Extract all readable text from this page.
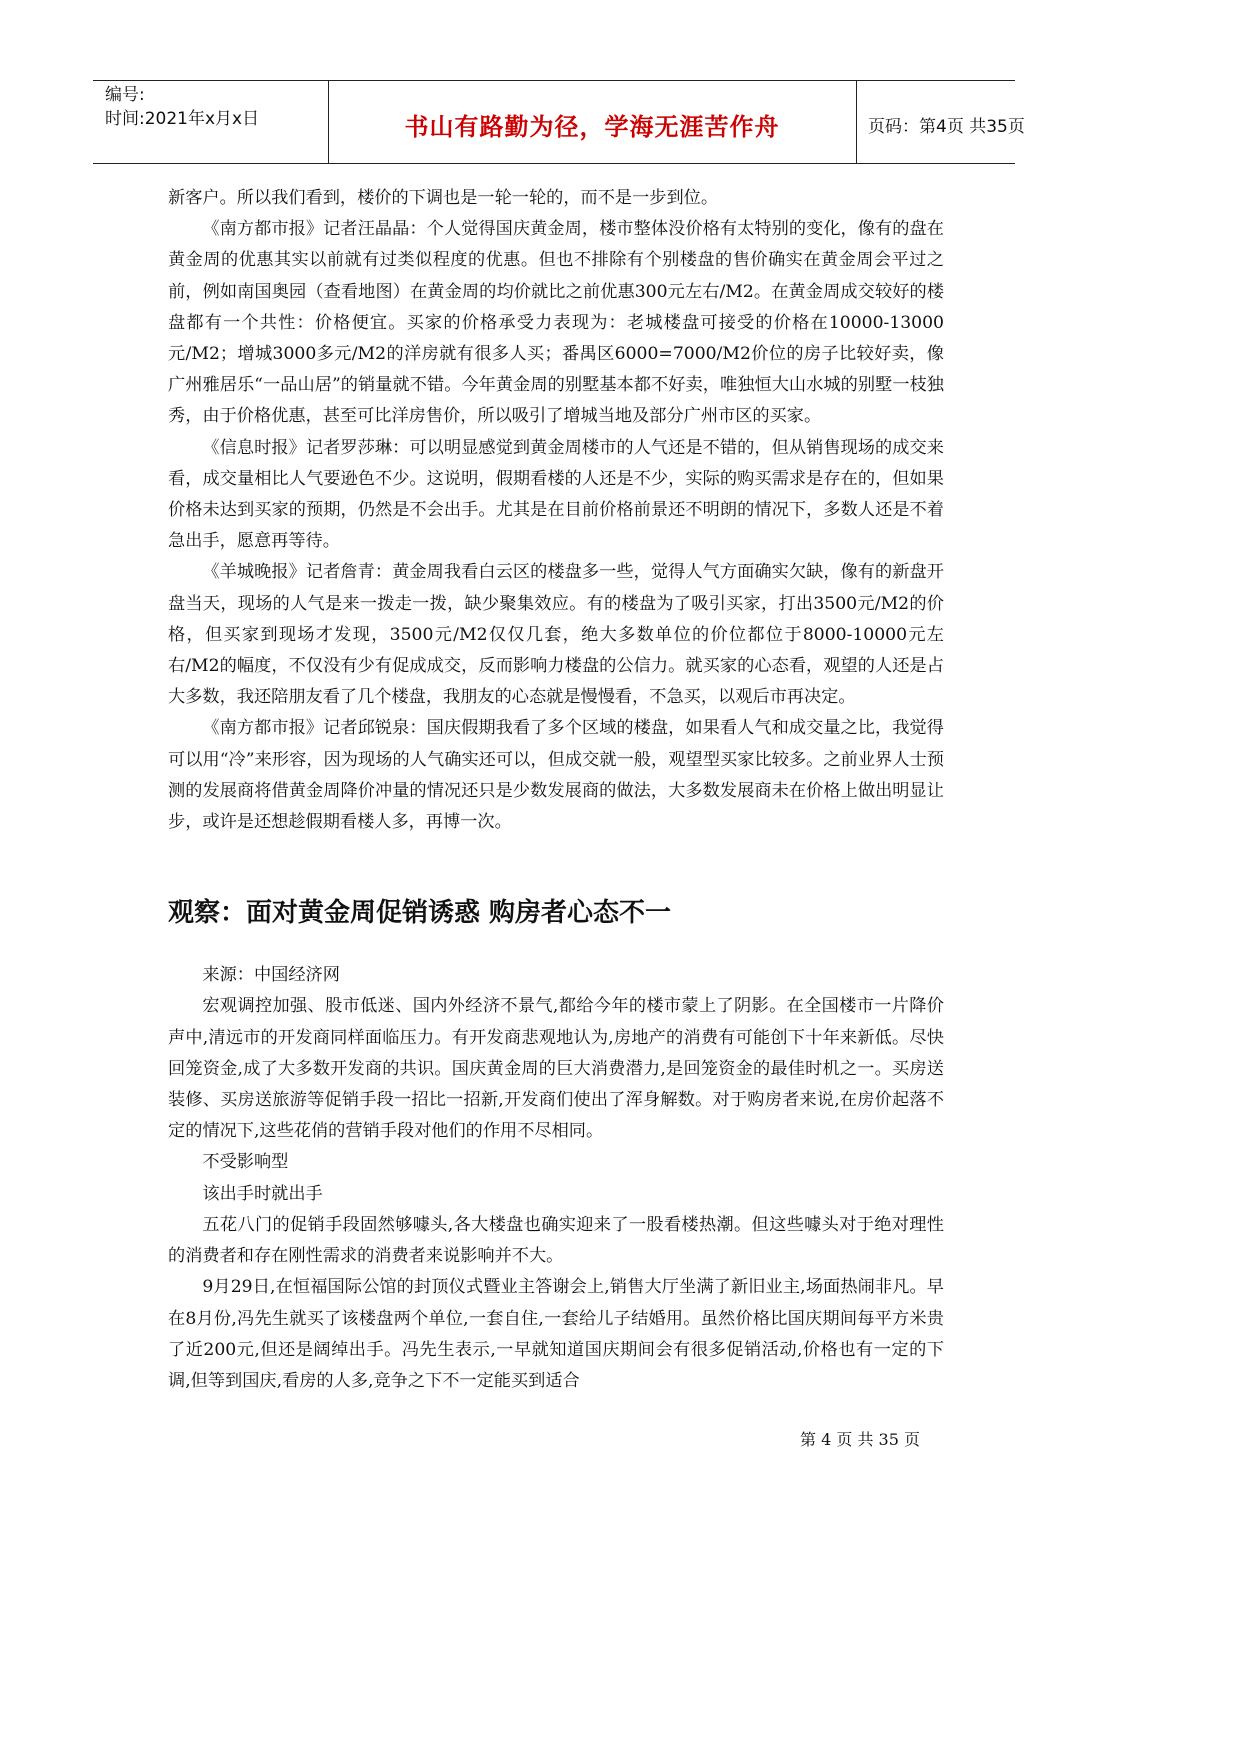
编号:
时间:2021年x月x日	书山有路勤为径，学海无涯苦作舟	页码：第4页 共35页

新客户。所以我们看到，楼价的下调也是一轮一轮的，而不是一步到位。

《南方都市报》记者汪晶晶：个人觉得国庆黄金周，楼市整体没价格有太特别的变化，像有的盘在黄金周的优惠其实以前就有过类似程度的优惠。但也不排除有个别楼盘的售价确实在黄金周会平过之前，例如南国奥园（查看地图）在黄金周的均价就比之前优惠300元左右/M2。在黄金周成交较好的楼盘都有一个共性：价格便宜。买家的价格承受力表现为：老城楼盘可接受的价格在10000-13000元/M2；增城3000多元/M2的洋房就有很多人买；番禺区6000=7000/M2价位的房子比较好卖，像广州雅居乐“一品山居”的销量就不错。今年黄金周的别墅基本都不好卖，唯独恒大山水城的别墅一枝独秀，由于价格优惠，甚至可比洋房售价，所以吸引了增城当地及部分广州市区的买家。

《信息时报》记者罗莎琳：可以明显感觉到黄金周楼市的人气还是不错的，但从销售现场的成交来看，成交量相比人气要逊色不少。这说明，假期看楼的人还是不少，实际的购买需求是存在的，但如果价格未达到买家的预期，仍然是不会出手。尤其是在目前价格前景还不明朗的情况下，多数人还是不着急出手，愿意再等待。

《羊城晚报》记者詹青：黄金周我看白云区的楼盘多一些，觉得人气方面确实欠缺，像有的新盘开盘当天，现场的人气是来一拨走一拨，缺少聚集效应。有的楼盘为了吸引买家，打出3500元/M2的价格，但买家到现场才发现，3500元/M2仅仅几套，绝大多数单位的价位都位于8000-10000元左右/M2的幅度，不仅没有少有促成成交，反而影响力楼盘的公信力。就买家的心态看，观望的人还是占大多数，我还陪朋友看了几个楼盘，我朋友的心态就是慢慢看，不急买，以观后市再决定。

《南方都市报》记者邱锐泉：国庆假期我看了多个区域的楼盘，如果看人气和成交量之比，我觉得可以用“冷”来形容，因为现场的人气确实还可以，但成交就一般，观望型买家比较多。之前业界人士预测的发展商将借黄金周降价冲量的情况还只是少数发展商的做法，大多数发展商未在价格上做出明显让步，或许是还想趁假期看楼人多，再博一次。

观察：面对黄金周促销诱惑 购房者心态不一

来源：中国经济网

宏观调控加强、股市低迷、国内外经济不景气,都给今年的楼市蒙上了阴影。在全国楼市一片降价声中,清远市的开发商同样面临压力。有开发商悲观地认为,房地产的消费有可能创下十年来新低。尽快回笼资金,成了大多数开发商的共识。国庆黄金周的巨大消费潜力,是回笼资金的最佳时机之一。买房送装修、买房送旅游等促销手段一招比一招新,开发商们使出了浑身解数。对于购房者来说,在房价起落不定的情况下,这些花俏的营销手段对他们的作用不尽相同。

不受影响型

该出手时就出手

五花八门的促销手段固然够噱头,各大楼盘也确实迎来了一股看楼热潮。但这些噱头对于绝对理性的消费者和存在刚性需求的消费者来说影响并不大。

9月29日,在恒福国际公馆的封顶仪式暨业主答谢会上,销售大厅坐满了新旧业主,场面热闹非凡。早在8月份,冯先生就买了该楼盘两个单位,一套自住,一套给儿子结婚用。虽然价格比国庆期间每平方米贵了近200元,但还是阔绰出手。冯先生表示,一早就知道国庆期间会有很多促销活动,价格也有一定的下调,但等到国庆,看房的人多,竞争之下不一定能买到适合

第 4 页 共 35 页
